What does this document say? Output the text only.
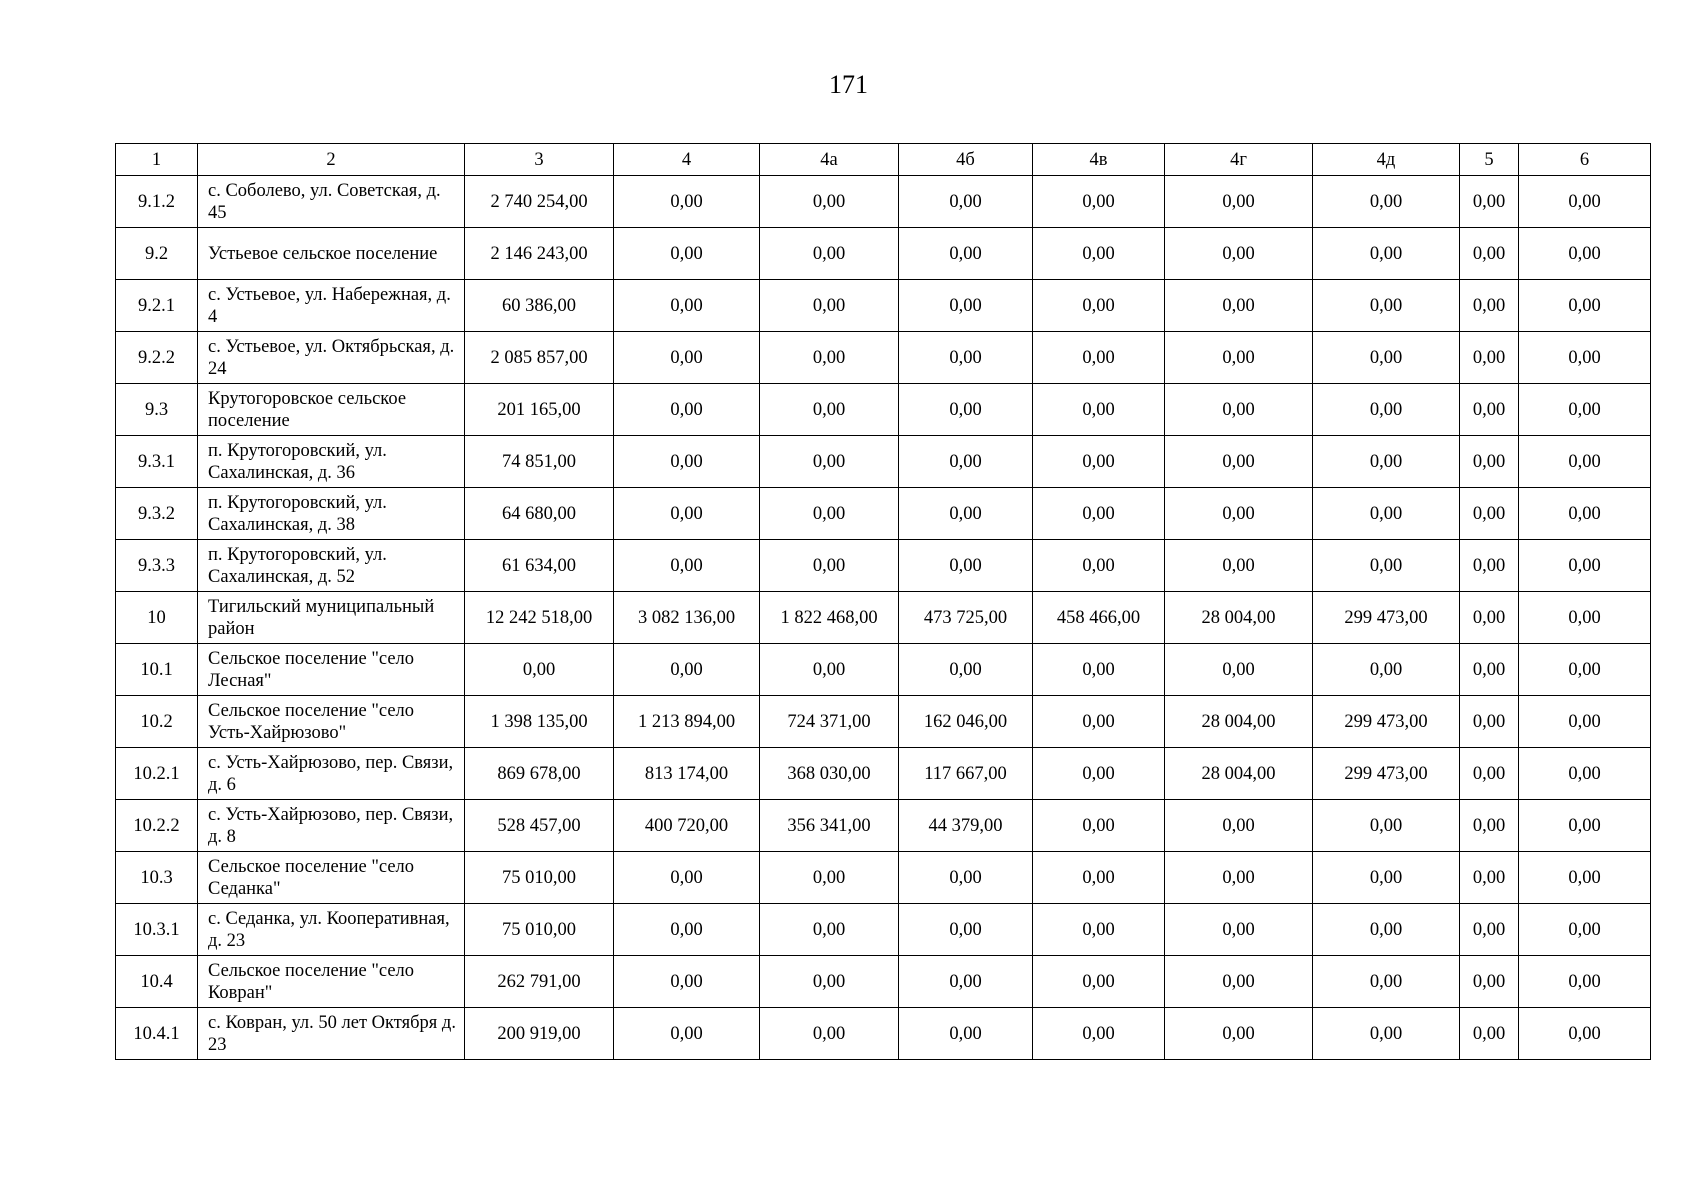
171
1	2	3	4	4а	4б	4в	4г	4д	5	6
9.1.2	с. Соболево, ул. Советская, д. 45	2 740 254,00	0,00	0,00	0,00	0,00	0,00	0,00	0,00	0,00
9.2	Устьевое сельское поселение	2 146 243,00	0,00	0,00	0,00	0,00	0,00	0,00	0,00	0,00
9.2.1	с. Устьевое, ул. Набережная, д. 4	60 386,00	0,00	0,00	0,00	0,00	0,00	0,00	0,00	0,00
9.2.2	с. Устьевое, ул. Октябрьская, д. 24	2 085 857,00	0,00	0,00	0,00	0,00	0,00	0,00	0,00	0,00
9.3	Крутогоровское сельское поселение	201 165,00	0,00	0,00	0,00	0,00	0,00	0,00	0,00	0,00
9.3.1	п. Крутогоровский, ул. Сахалинская, д. 36	74 851,00	0,00	0,00	0,00	0,00	0,00	0,00	0,00	0,00
9.3.2	п. Крутогоровский, ул. Сахалинская, д. 38	64 680,00	0,00	0,00	0,00	0,00	0,00	0,00	0,00	0,00
9.3.3	п. Крутогоровский, ул. Сахалинская, д. 52	61 634,00	0,00	0,00	0,00	0,00	0,00	0,00	0,00	0,00
10	Тигильский муниципальный район	12 242 518,00	3 082 136,00	1 822 468,00	473 725,00	458 466,00	28 004,00	299 473,00	0,00	0,00
10.1	Сельское поселение "село Лесная"	0,00	0,00	0,00	0,00	0,00	0,00	0,00	0,00	0,00
10.2	Сельское поселение "село Усть-Хайрюзово"	1 398 135,00	1 213 894,00	724 371,00	162 046,00	0,00	28 004,00	299 473,00	0,00	0,00
10.2.1	с. Усть-Хайрюзово, пер. Связи, д. 6	869 678,00	813 174,00	368 030,00	117 667,00	0,00	28 004,00	299 473,00	0,00	0,00
10.2.2	с. Усть-Хайрюзово, пер. Связи, д. 8	528 457,00	400 720,00	356 341,00	44 379,00	0,00	0,00	0,00	0,00	0,00
10.3	Сельское поселение "село Седанка"	75 010,00	0,00	0,00	0,00	0,00	0,00	0,00	0,00	0,00
10.3.1	с. Седанка, ул. Кооперативная, д. 23	75 010,00	0,00	0,00	0,00	0,00	0,00	0,00	0,00	0,00
10.4	Сельское поселение "село Ковран"	262 791,00	0,00	0,00	0,00	0,00	0,00	0,00	0,00	0,00
10.4.1	с. Ковран, ул. 50 лет Октября д. 23	200 919,00	0,00	0,00	0,00	0,00	0,00	0,00	0,00	0,00
